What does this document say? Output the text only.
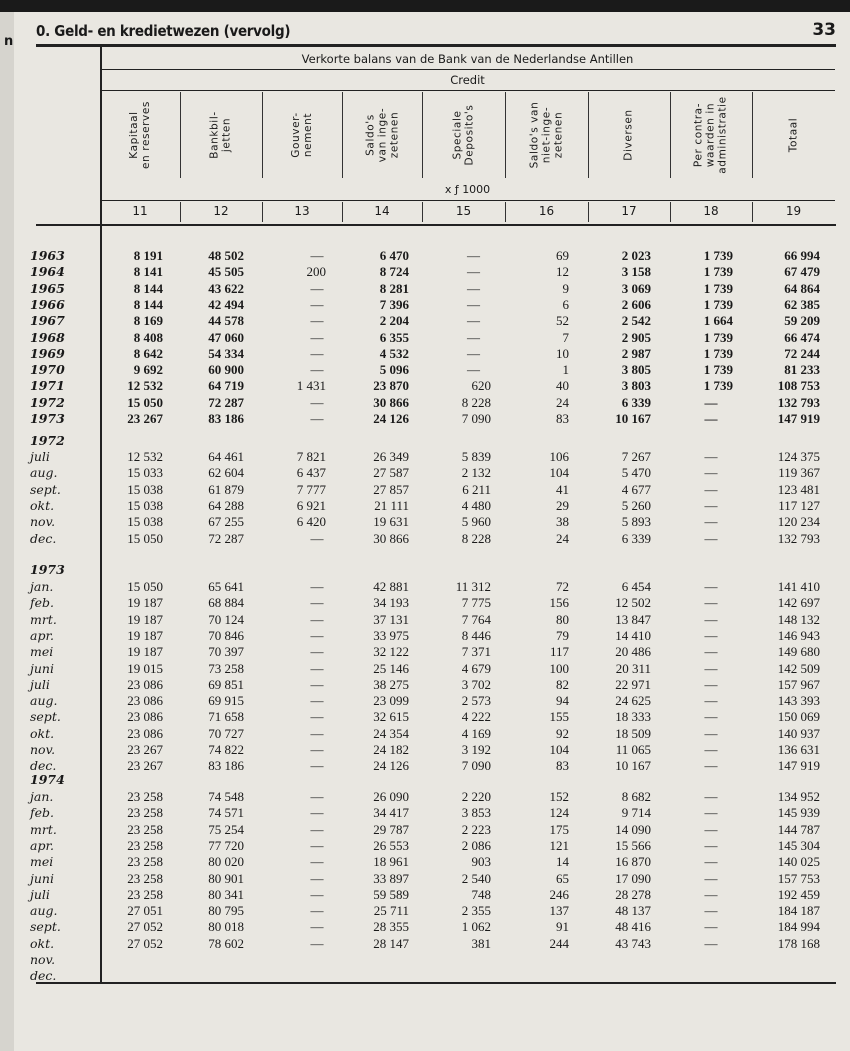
n
0. Geld- en kredietwezen (vervolg)	33
Verkorte balans van de Bank van de Nederlandse Antillen
Credit
x ƒ 1000
Kapitaal
en reserves
11
Bankbil-
jetten
12
Gouver-
nement
13
Saldo's
van inge-
zetenen
14
Speciale
Deposito's
15
Saldo's van
niet-inge-
zetenen
16
Diversen
17
Per contra-
waarden in
administratie
18
Totaal
19
1963	8 191	48 502	—	6 470	—	69	2 023	1 739	66 994
1964	8 141	45 505	200	8 724	—	12	3 158	1 739	67 479
1965	8 144	43 622	—	8 281	—	9	3 069	1 739	64 864
1966	8 144	42 494	—	7 396	—	6	2 606	1 739	62 385
1967	8 169	44 578	—	2 204	—	52	2 542	1 664	59 209
1968	8 408	47 060	—	6 355	—	7	2 905	1 739	66 474
1969	8 642	54 334	—	4 532	—	10	2 987	1 739	72 244
1970	9 692	60 900	—	5 096	—	1	3 805	1 739	81 233
1971	12 532	64 719	1 431	23 870	620	40	3 803	1 739	108 753
1972	15 050	72 287	—	30 866	8 228	24	6 339	—	132 793
1973	23 267	83 186	—	24 126	7 090	83	10 167	—	147 919
1972
juli	12 532	64 461	7 821	26 349	5 839	106	7 267	—	124 375
aug.	15 033	62 604	6 437	27 587	2 132	104	5 470	—	119 367
sept.	15 038	61 879	7 777	27 857	6 211	41	4 677	—	123 481
okt.	15 038	64 288	6 921	21 111	4 480	29	5 260	—	117 127
nov.	15 038	67 255	6 420	19 631	5 960	38	5 893	—	120 234
dec.	15 050	72 287	—	30 866	8 228	24	6 339	—	132 793
1973
jan.	15 050	65 641	—	42 881	11 312	72	6 454	—	141 410
feb.	19 187	68 884	—	34 193	7 775	156	12 502	—	142 697
mrt.	19 187	70 124	—	37 131	7 764	80	13 847	—	148 132
apr.	19 187	70 846	—	33 975	8 446	79	14 410	—	146 943
mei	19 187	70 397	—	32 122	7 371	117	20 486	—	149 680
juni	19 015	73 258	—	25 146	4 679	100	20 311	—	142 509
juli	23 086	69 851	—	38 275	3 702	82	22 971	—	157 967
aug.	23 086	69 915	—	23 099	2 573	94	24 625	—	143 393
sept.	23 086	71 658	—	32 615	4 222	155	18 333	—	150 069
okt.	23 086	70 727	—	24 354	4 169	92	18 509	—	140 937
nov.	23 267	74 822	—	24 182	3 192	104	11 065	—	136 631
dec.	23 267	83 186	—	24 126	7 090	83	10 167	—	147 919
1974
jan.	23 258	74 548	—	26 090	2 220	152	8 682	—	134 952
feb.	23 258	74 571	—	34 417	3 853	124	9 714	—	145 939
mrt.	23 258	75 254	—	29 787	2 223	175	14 090	—	144 787
apr.	23 258	77 720	—	26 553	2 086	121	15 566	—	145 304
mei	23 258	80 020	—	18 961	903	14	16 870	—	140 025
juni	23 258	80 901	—	33 897	2 540	65	17 090	—	157 753
juli	23 258	80 341	—	59 589	748	246	28 278	—	192 459
aug.	27 051	80 795	—	25 711	2 355	137	48 137	—	184 187
sept.	27 052	80 018	—	28 355	1 062	91	48 416	—	184 994
okt.	27 052	78 602	—	28 147	381	244	43 743	—	178 168
nov.
dec.
